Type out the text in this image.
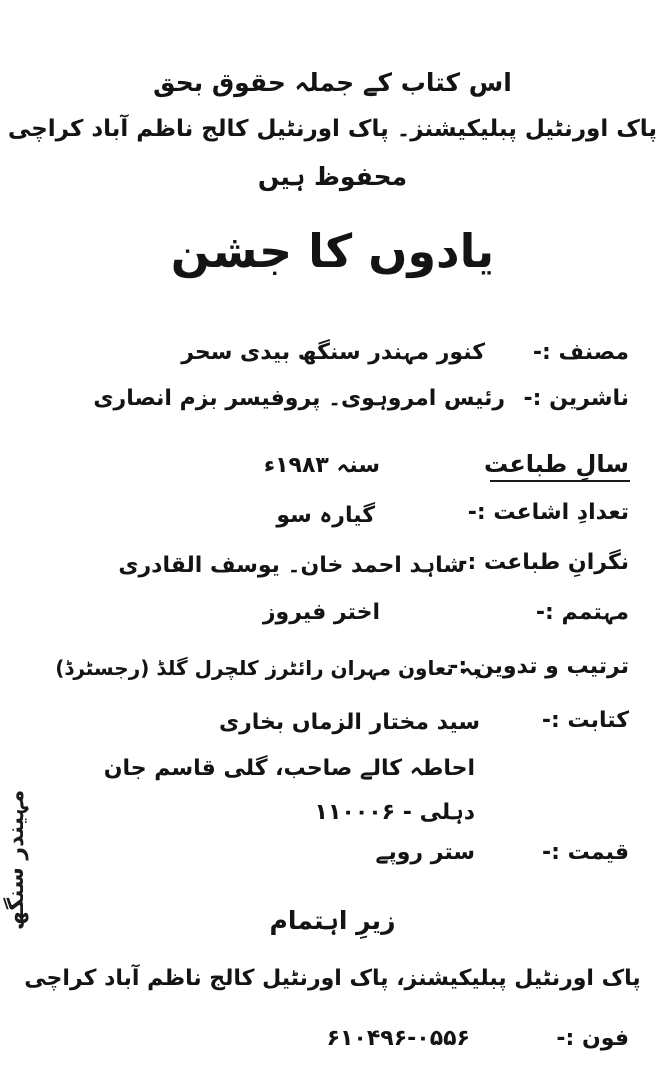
اس کتاب کے جملہ حقوق بحق
پاک اورنٹیل پبلیکیشنز۔ پاک اورنٹیل کالج ناظم آباد کراچی
محفوظ ہیں
یادوں کا جشن
مصنف :-
کنور مہندر سنگھ بیدی سحر
ناشرین :-
رئیس امروہوی۔ پروفیسر بزم انصاری
سالِ طباعت
سنہ ۱۹۸۳ء
تعدادِ اشاعت :-
گیارہ سو
نگرانِ طباعت :-
شاہد احمد خان۔ یوسف القادری
مہتمم :-
اختر فیروز
ترتیب و تدوین :-
بہ تعاون مہران رائٹرز کلچرل گلڈ (رجسٹرڈ)
کتابت :-
سید مختار الزماں بخاری
احاطہ کالے صاحب، گلی قاسم جان
دہلی - ۱۱۰۰۰۶
قیمت :-
ستر روپے
زیرِ اہتمام
پاک اورنٹیل پبلیکیشنز، پاک اورنٹیل کالج ناظم آباد کراچی
فون :-
۶۱۰۴۹۶-۰۵۵۶
مہیندر سنگھ
